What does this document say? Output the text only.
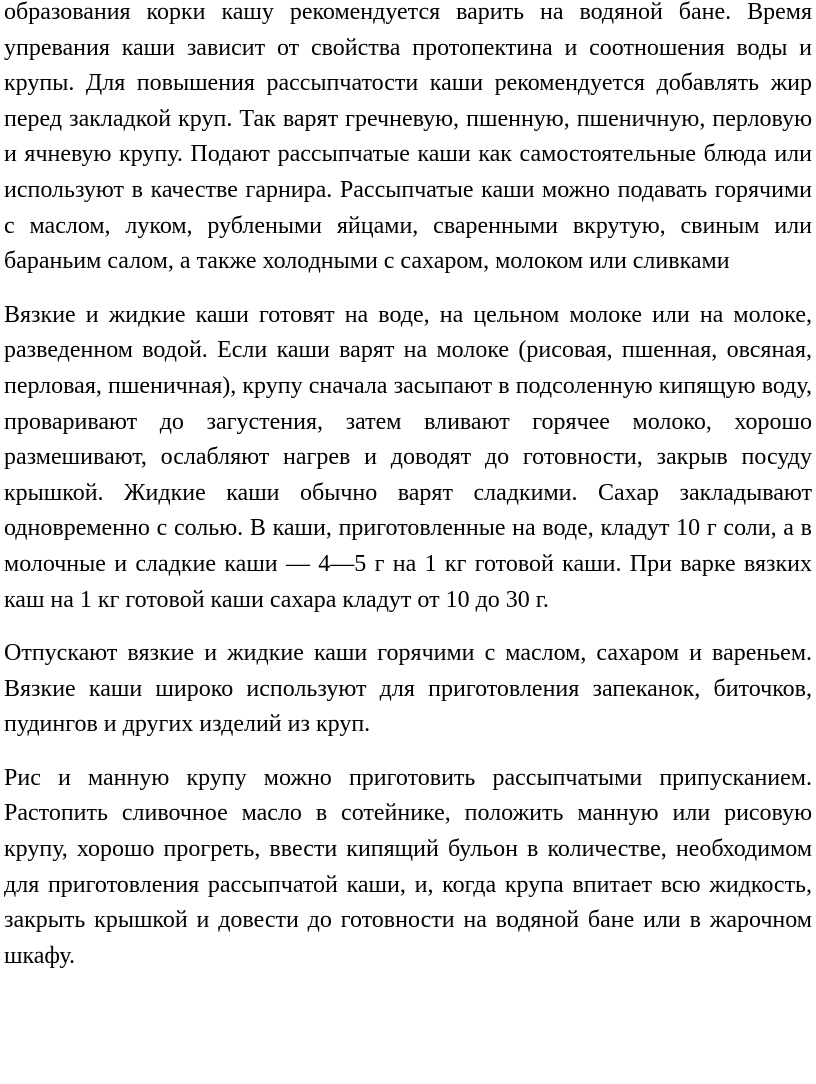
образования корки кашу рекомендуется варить на водяной бане. Время упревания каши зависит от свойства протопектина и соотношения воды и крупы. Для повышения рассыпчатости каши рекомендуется добавлять жир перед закладкой круп. Так варят гречневую, пшенную, пшеничную, перловую и ячневую крупу. Подают рассыпчатые каши как самостоятельные блюда или используют в качестве гарнира. Рассыпчатые каши можно подавать горячими с маслом, луком, рублеными яйцами, сваренными вкрутую, свиным или бараньим салом, а также холодными с сахаром, молоком или сливками

Вязкие и жидкие каши готовят на воде, на цельном молоке или на молоке, разведенном водой. Если каши варят на молоке (рисовая, пшенная, овсяная, перловая, пшеничная), крупу сначала засыпают в подсоленную кипящую воду, проваривают до загустения, затем вливают горячее молоко, хорошо размешивают, ослабляют нагрев и доводят до готовности, закрыв посуду крышкой. Жидкие каши обычно варят сладкими. Сахар закладывают одновременно с солью. В каши, приготовленные на воде, кладут 10 г соли, а в молочные и сладкие каши — 4—5 г на 1 кг готовой каши. При варке вязких каш на 1 кг готовой каши сахара кладут от 10 до 30 г.

Отпускают вязкие и жидкие каши горячими с маслом, сахаром и вареньем. Вязкие каши широко используют для приготовления запеканок, биточков, пудингов и других изделий из круп.

Рис и манную крупу можно приготовить рассыпчатыми припусканием. Растопить сливочное масло в сотейнике, положить манную или рисовую крупу, хорошо прогреть, ввести кипящий бульон в количестве, необходимом для приготовления рассыпчатой каши, и, когда крупа впитает всю жидкость, закрыть крышкой и довести до готовности на водяной бане или в жарочном шкафу.
